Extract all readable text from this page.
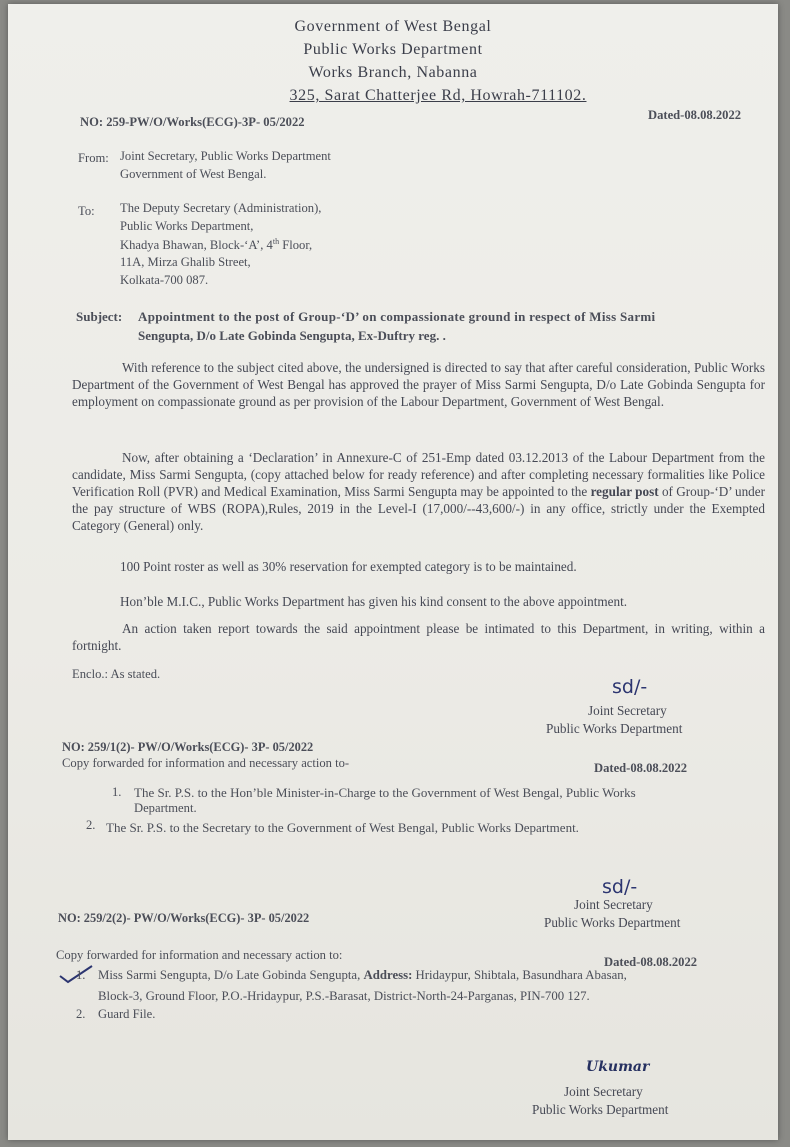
Government of West Bengal
Public Works Department
Works Branch, Nabanna
325, Sarat Chatterjee Rd, Howrah-711102.
NO: 259-PW/O/Works(ECG)-3P- 05/2022	Dated-08.08.2022
From: Joint Secretary, Public Works Department
Government of West Bengal.
To: The Deputy Secretary (Administration),
Public Works Department,
Khadya Bhawan, Block-‘A’, 4th Floor,
11A, Mirza Ghalib Street,
Kolkata-700 087.
Subject: Appointment to the post of Group-‘D’ on compassionate ground in respect of Miss Sarmi
Sengupta, D/o Late Gobinda Sengupta, Ex-Duftry reg. .
With reference to the subject cited above, the undersigned is directed to say that after careful consideration, Public Works Department of the Government of West Bengal has approved the prayer of Miss Sarmi Sengupta, D/o Late Gobinda Sengupta for employment on compassionate ground as per provision of the Labour Department, Government of West Bengal.
Now, after obtaining a ‘Declaration’ in Annexure-C of 251-Emp dated 03.12.2013 of the Labour Department from the candidate, Miss Sarmi Sengupta, (copy attached below for ready reference) and after completing necessary formalities like Police Verification Roll (PVR) and Medical Examination, Miss Sarmi Sengupta may be appointed to the regular post of Group-‘D’ under the pay structure of WBS (ROPA),Rules, 2019 in the Level-I (17,000/--43,600/-) in any office, strictly under the Exempted Category (General) only.
100 Point roster as well as 30% reservation for exempted category is to be maintained.
Hon’ble M.I.C., Public Works Department has given his kind consent to the above appointment.
An action taken report towards the said appointment please be intimated to this Department, in writing, within a fortnight.
Enclo.: As stated.
sd/-
Joint Secretary
Public Works Department
NO: 259/1(2)- PW/O/Works(ECG)- 3P- 05/2022
Copy forwarded for information and necessary action to-	Dated-08.08.2022
1. The Sr. P.S. to the Hon’ble Minister-in-Charge to the Government of West Bengal, Public Works
Department.
2. The Sr. P.S. to the Secretary to the Government of West Bengal, Public Works Department.
sd/-
Joint Secretary
Public Works Department
NO: 259/2(2)- PW/O/Works(ECG)- 3P- 05/2022
Dated-08.08.2022
Copy forwarded for information and necessary action to:
1. Miss Sarmi Sengupta, D/o Late Gobinda Sengupta, Address: Hridaypur, Shibtala, Basundhara Abasan,
Block-3, Ground Floor, P.O.-Hridaypur, P.S.-Barasat, District-North-24-Parganas, PIN-700 127.
2. Guard File.
Ukumar
Joint Secretary
Public Works Department
